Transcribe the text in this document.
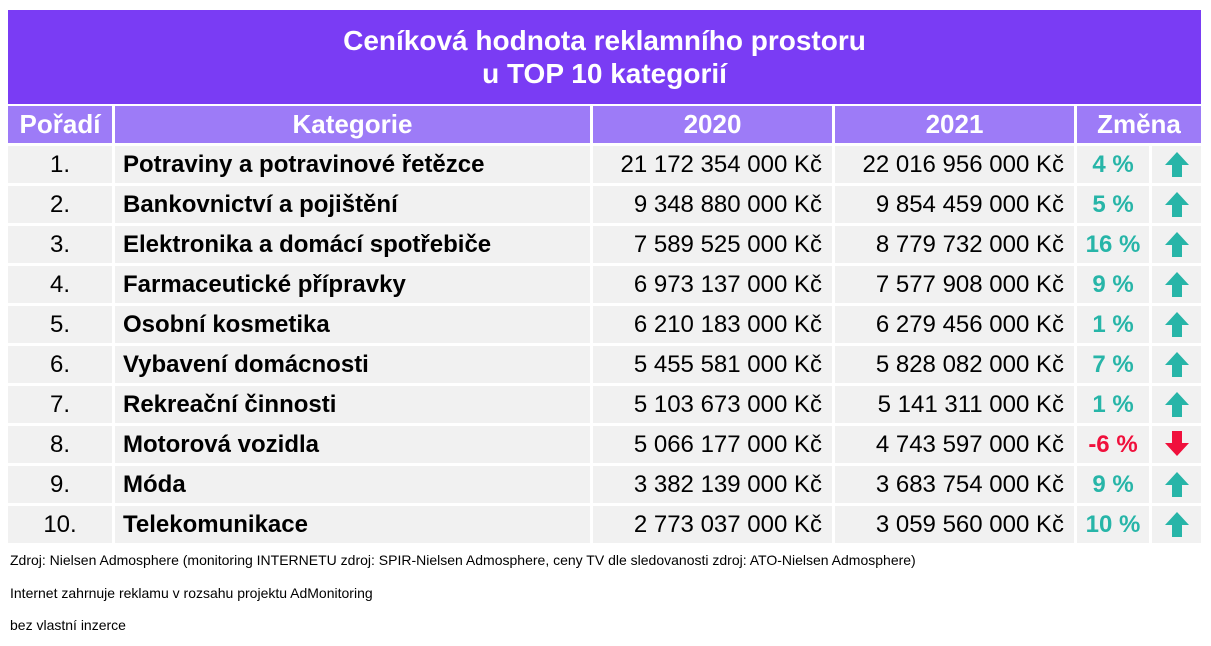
Ceníková hodnota reklamního prostoru
u TOP 10 kategorií
Pořadí	Kategorie	2020	2021	Změna	
1.	Potraviny a potravinové řetězce	21 172 354 000 Kč	22 016 956 000 Kč	4 %	

2.	Bankovnictví a pojištění	9 348 880 000 Kč	9 854 459 000 Kč	5 %	

3.	Elektronika a domácí spotřebiče	7 589 525 000 Kč	8 779 732 000 Kč	16 %	

4.	Farmaceutické přípravky	6 973 137 000 Kč	7 577 908 000 Kč	9 %	

5.	Osobní kosmetika	6 210 183 000 Kč	6 279 456 000 Kč	1 %	

6.	Vybavení domácnosti	5 455 581 000 Kč	5 828 082 000 Kč	7 %	

7.	Rekreační činnosti	5 103 673 000 Kč	5 141 311 000 Kč	1 %	

8.	Motorová vozidla	5 066 177 000 Kč	4 743 597 000 Kč	-6 %	

9.	Móda	3 382 139 000 Kč	3 683 754 000 Kč	9 %	

10.	Telekomunikace	2 773 037 000 Kč	3 059 560 000 Kč	10 %	
Zdroj: Nielsen Admosphere (monitoring INTERNETU zdroj: SPIR-Nielsen Admosphere, ceny TV dle sledovanosti zdroj: ATO-Nielsen Admosphere)
Internet zahrnuje reklamu v rozsahu projektu AdMonitoring
bez vlastní inzerce
